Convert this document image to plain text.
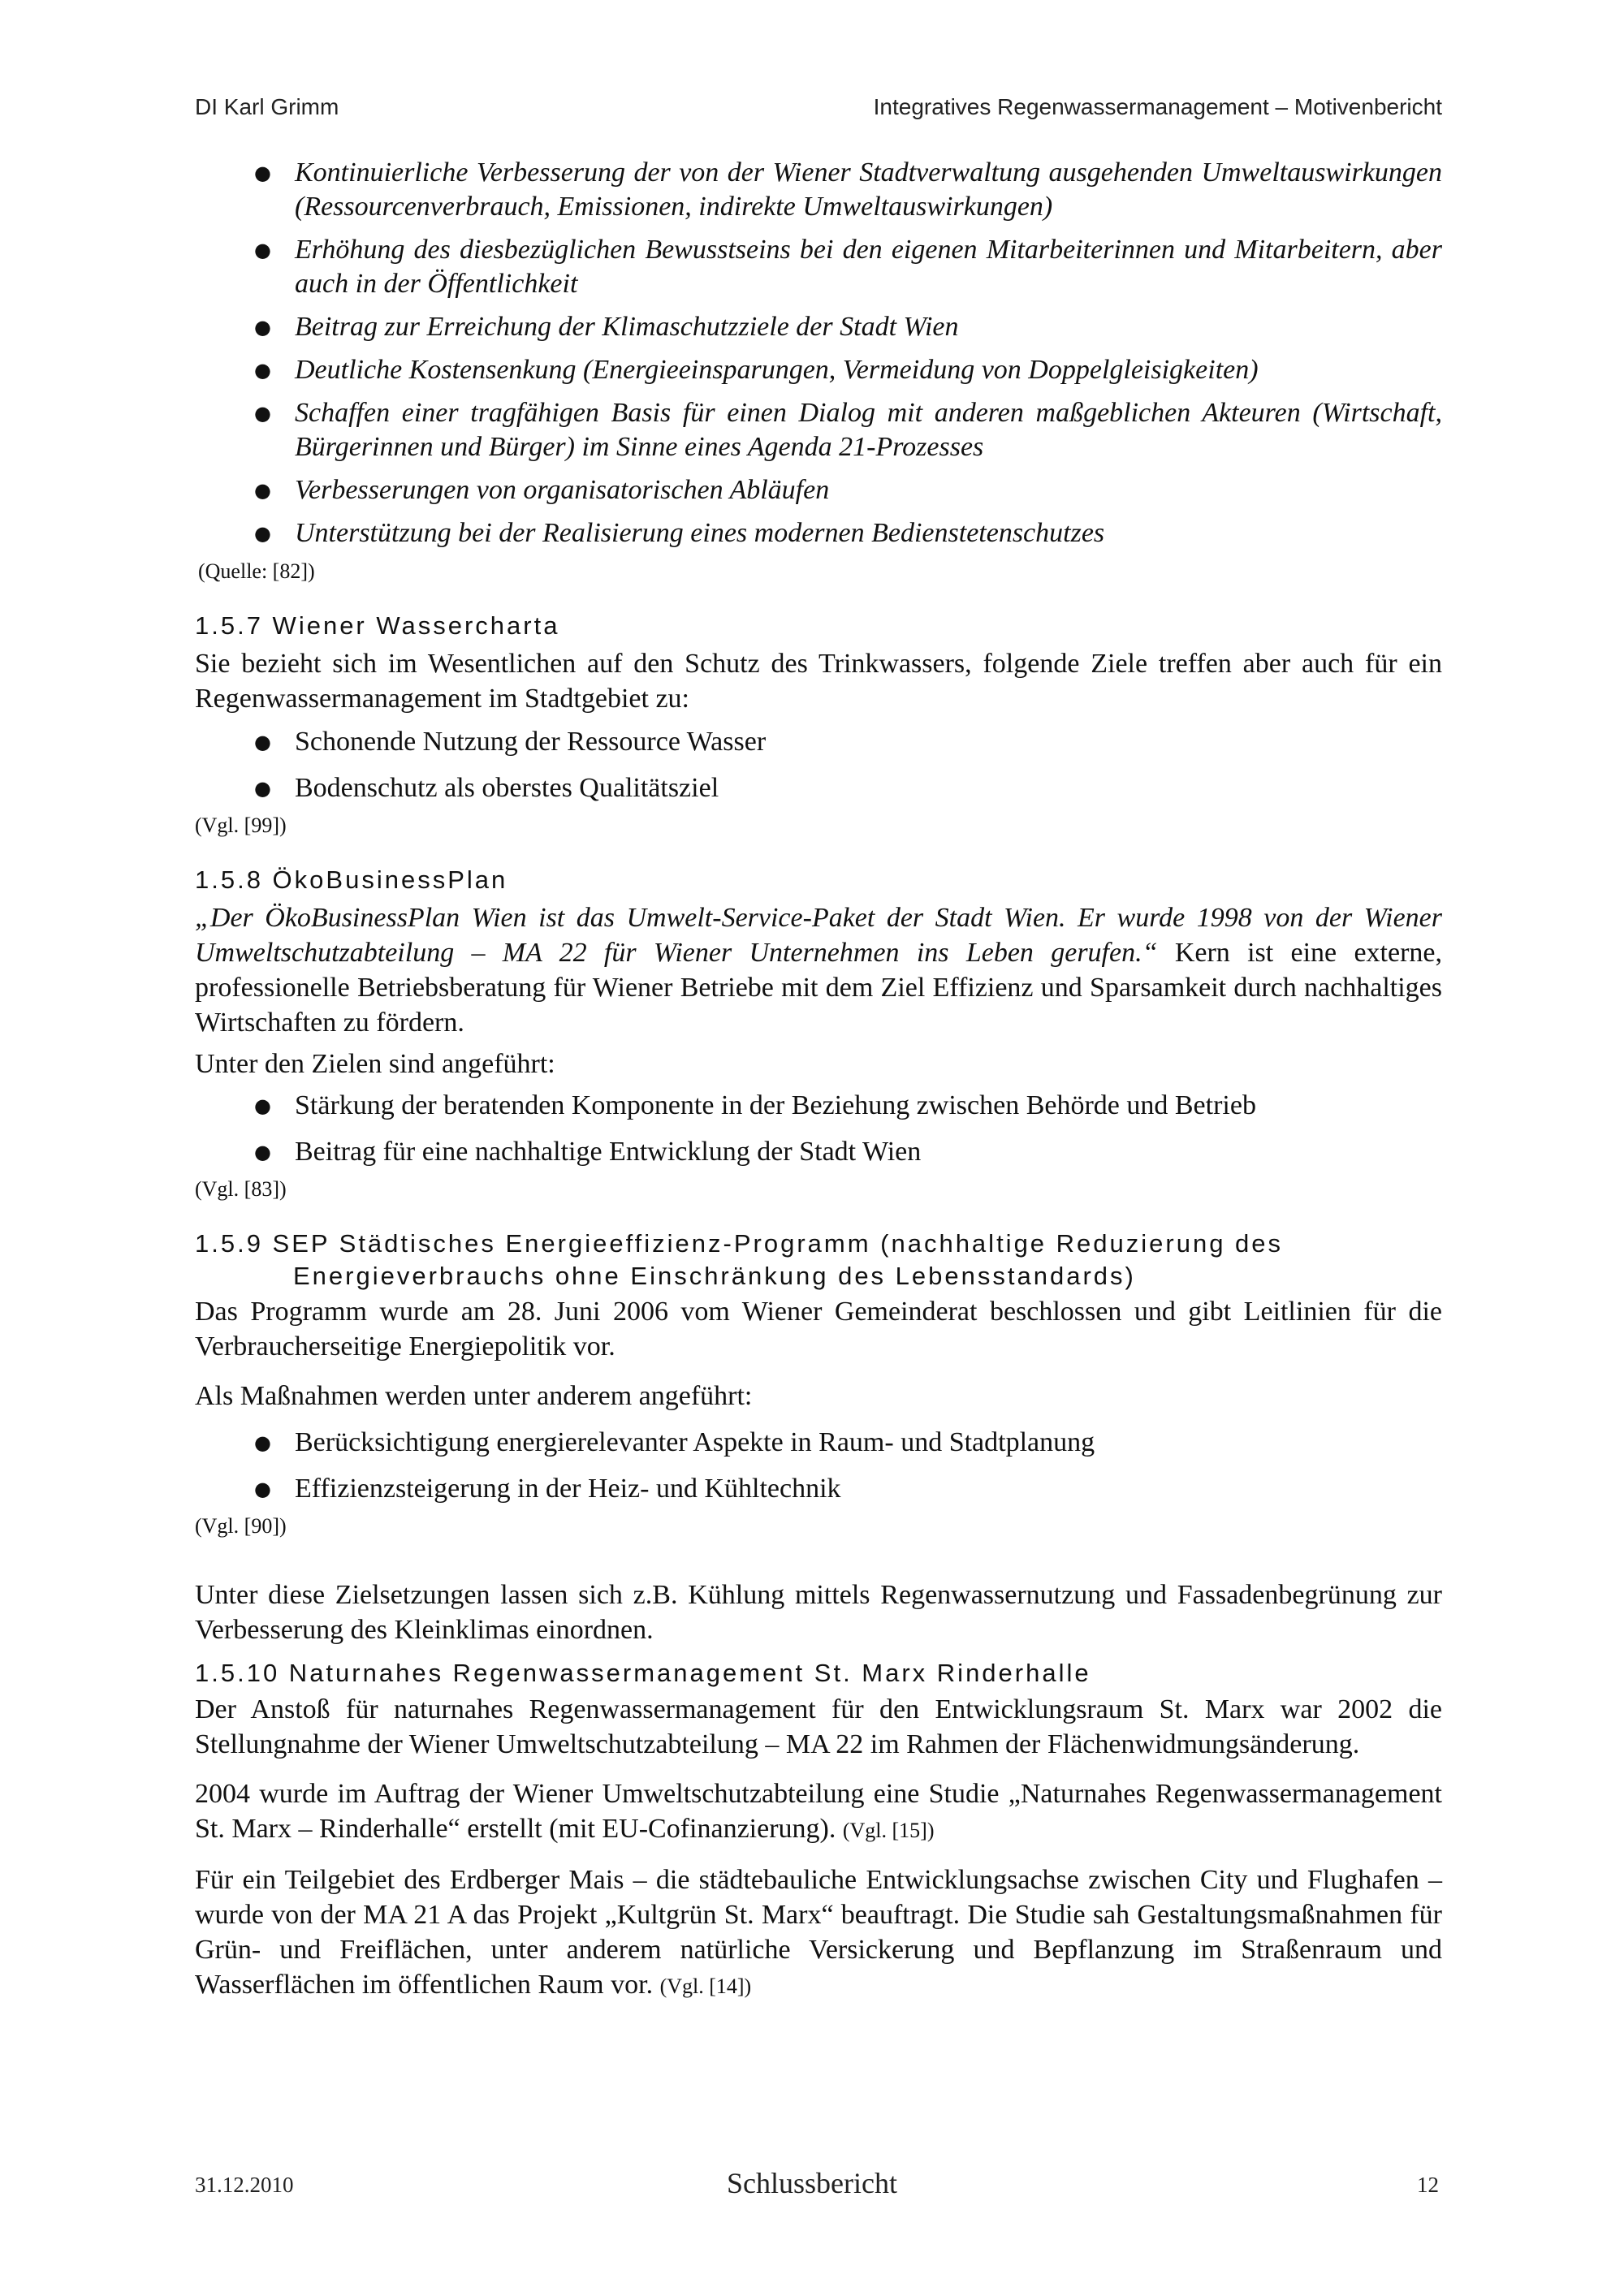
DI Karl Grimm	Integratives Regenwassermanagement – Motivenbericht
● Kontinuierliche Verbesserung der von der Wiener Stadtverwaltung ausgehenden Umweltauswirkungen (Ressourcenverbrauch, Emissionen, indirekte Umweltauswirkungen)
● Erhöhung des diesbezüglichen Bewusstseins bei den eigenen Mitarbeiterinnen und Mitarbeitern, aber auch in der Öffentlichkeit
● Beitrag zur Erreichung der Klimaschutzziele der Stadt Wien
● Deutliche Kostensenkung (Energieeinsparungen, Vermeidung von Doppelgleisigkeiten)
● Schaffen einer tragfähigen Basis für einen Dialog mit anderen maßgeblichen Akteuren (Wirtschaft, Bürgerinnen und Bürger) im Sinne eines Agenda 21-Prozesses
● Verbesserungen von organisatorischen Abläufen
● Unterstützung bei der Realisierung eines modernen Bedienstetenschutzes
(Quelle: [82])
1.5.7 Wiener Wassercharta

Sie bezieht sich im Wesentlichen auf den Schutz des Trinkwassers, folgende Ziele treffen aber auch für ein Regenwassermanagement im Stadtgebiet zu:

● Schonende Nutzung der Ressource Wasser
● Bodenschutz als oberstes Qualitätsziel
(Vgl. [99])
1.5.8 ÖkoBusinessPlan

„Der ÖkoBusinessPlan Wien ist das Umwelt-Service-Paket der Stadt Wien. Er wurde 1998 von der Wiener Umweltschutzabteilung – MA 22 für Wiener Unternehmen ins Leben gerufen.“ Kern ist eine externe, professionelle Betriebsberatung für Wiener Betriebe mit dem Ziel Effizienz und Sparsamkeit durch nachhaltiges Wirtschaften zu fördern.

Unter den Zielen sind angeführt:

● Stärkung der beratenden Komponente in der Beziehung zwischen Behörde und Betrieb
● Beitrag für eine nachhaltige Entwicklung der Stadt Wien
(Vgl. [83])
1.5.9 SEP Städtisches Energieeffizienz-Programm (nachhaltige Reduzierung des
Energieverbrauchs ohne Einschränkung des Lebensstandards)

Das Programm wurde am 28. Juni 2006 vom Wiener Gemeinderat beschlossen und gibt Leitlinien für die Verbraucherseitige Energiepolitik vor.

Als Maßnahmen werden unter anderem angeführt:

● Berücksichtigung energierelevanter Aspekte in Raum- und Stadtplanung
● Effizienzsteigerung in der Heiz- und Kühltechnik
(Vgl. [90])

Unter diese Zielsetzungen lassen sich z.B. Kühlung mittels Regenwassernutzung und Fassadenbegrünung zur Verbesserung des Kleinklimas einordnen.

1.5.10 Naturnahes Regenwassermanagement St. Marx Rinderhalle

Der Anstoß für naturnahes Regenwassermanagement für den Entwicklungsraum St. Marx war 2002 die Stellungnahme der Wiener Umweltschutzabteilung – MA 22 im Rahmen der Flächenwidmungsänderung.

2004 wurde im Auftrag der Wiener Umweltschutzabteilung eine Studie „Naturnahes Regenwassermanagement St. Marx – Rinderhalle“ erstellt (mit EU-Cofinanzierung). (Vgl. [15])

Für ein Teilgebiet des Erdberger Mais – die städtebauliche Entwicklungsachse zwischen City und Flughafen – wurde von der MA 21 A das Projekt „Kultgrün St. Marx“ beauftragt. Die Studie sah Gestaltungsmaßnahmen für Grün- und Freiflächen, unter anderem natürliche Versickerung und Bepflanzung im Straßenraum und Wasserflächen im öffentlichen Raum vor. (Vgl. [14])

31.12.2010	Schlussbericht	12
